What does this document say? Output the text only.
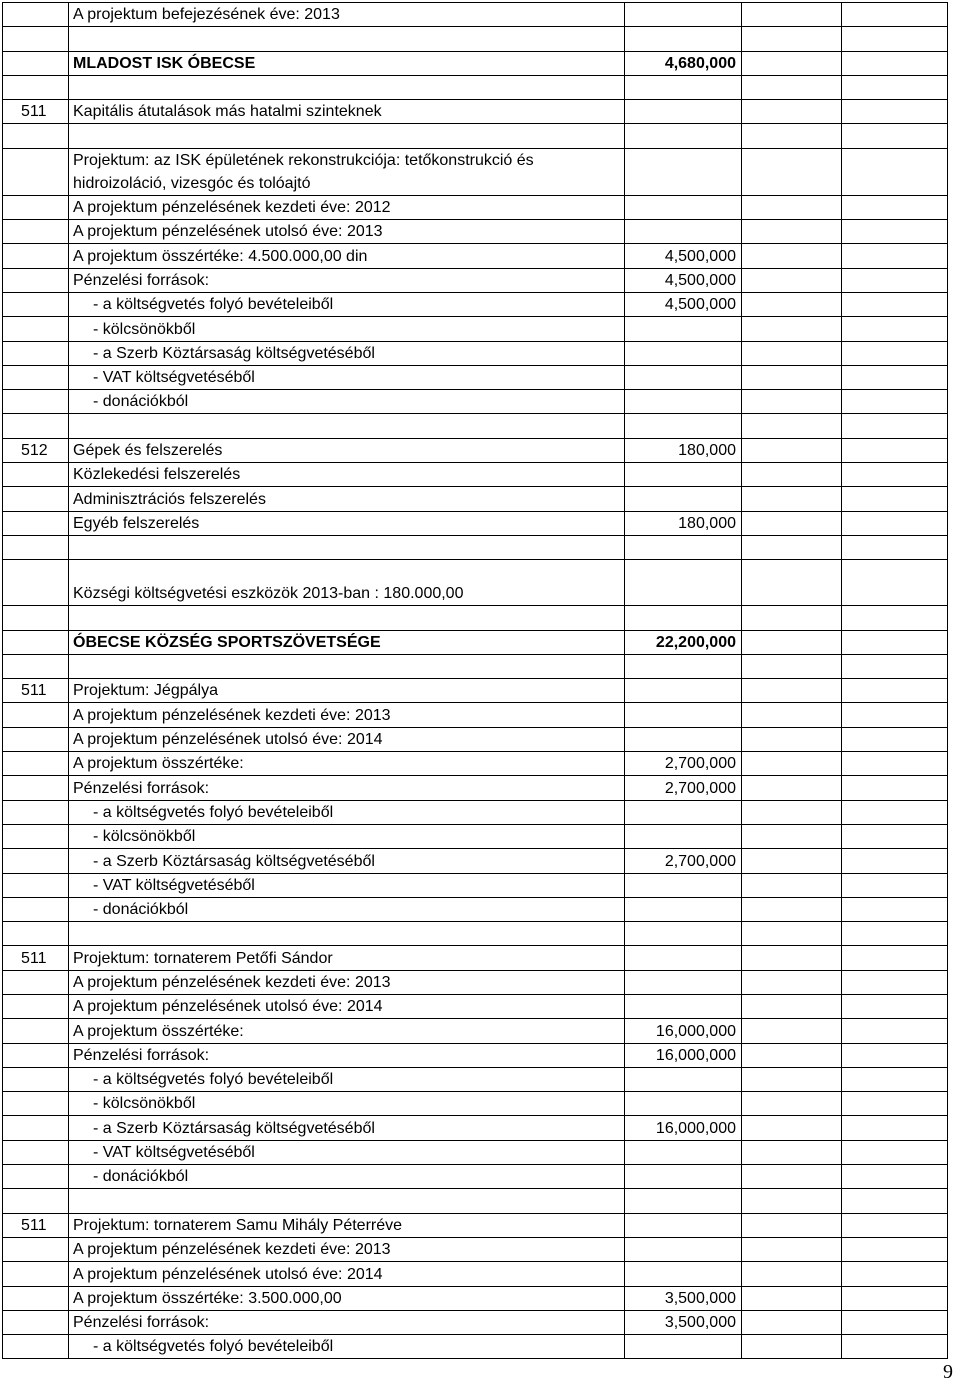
	A projektum befejezésének éve: 2013			

	MLADOST ISK ÓBECSE	4,680,000		

511	Kapitális átutalások más hatalmi szinteknek			

	Projektum: az ISK épületének rekonstrukciója: tetőkonstrukció és hidroizoláció, vizesgóc és tolóajtó			
	A projektum pénzelésének kezdeti éve: 2012			
	A projektum pénzelésének utolsó éve: 2013			
	A projektum összértéke: 4.500.000,00 din	4,500,000		
	Pénzelési források:	4,500,000		
	- a költségvetés folyó bevételeiből	4,500,000		
	- kölcsönökből			
	- a Szerb Köztársaság költségvetéséből			
	- VAT költségvetéséből			
	- donációkból			

512	Gépek és felszerelés	180,000		
	Közlekedési felszerelés			
	Adminisztrációs felszerelés			
	Egyéb felszerelés	180,000		

	Községi költségvetési eszközök 2013-ban : 180.000,00			

	ÓBECSE KÖZSÉG SPORTSZÖVETSÉGE	22,200,000		

511	Projektum: Jégpálya			
	A projektum pénzelésének kezdeti éve: 2013			
	A projektum pénzelésének utolsó éve: 2014			
	A projektum összértéke:	2,700,000		
	Pénzelési források:	2,700,000		
	- a költségvetés folyó bevételeiből			
	- kölcsönökből			
	- a Szerb Köztársaság költségvetéséből	2,700,000		
	- VAT költségvetéséből			
	- donációkból			

511	Projektum: tornaterem Petőfi Sándor			
	A projektum pénzelésének kezdeti éve: 2013			
	A projektum pénzelésének utolsó éve: 2014			
	A projektum összértéke:	16,000,000		
	Pénzelési források:	16,000,000		
	- a költségvetés folyó bevételeiből			
	- kölcsönökből			
	- a Szerb Köztársaság költségvetéséből	16,000,000		
	- VAT költségvetéséből			
	- donációkból			

511	Projektum: tornaterem Samu Mihály Péterréve			
	A projektum pénzelésének kezdeti éve: 2013			
	A projektum pénzelésének utolsó éve: 2014			
	A projektum összértéke: 3.500.000,00	3,500,000		
	Pénzelési források:	3,500,000		
	- a költségvetés folyó bevételeiből			
9
